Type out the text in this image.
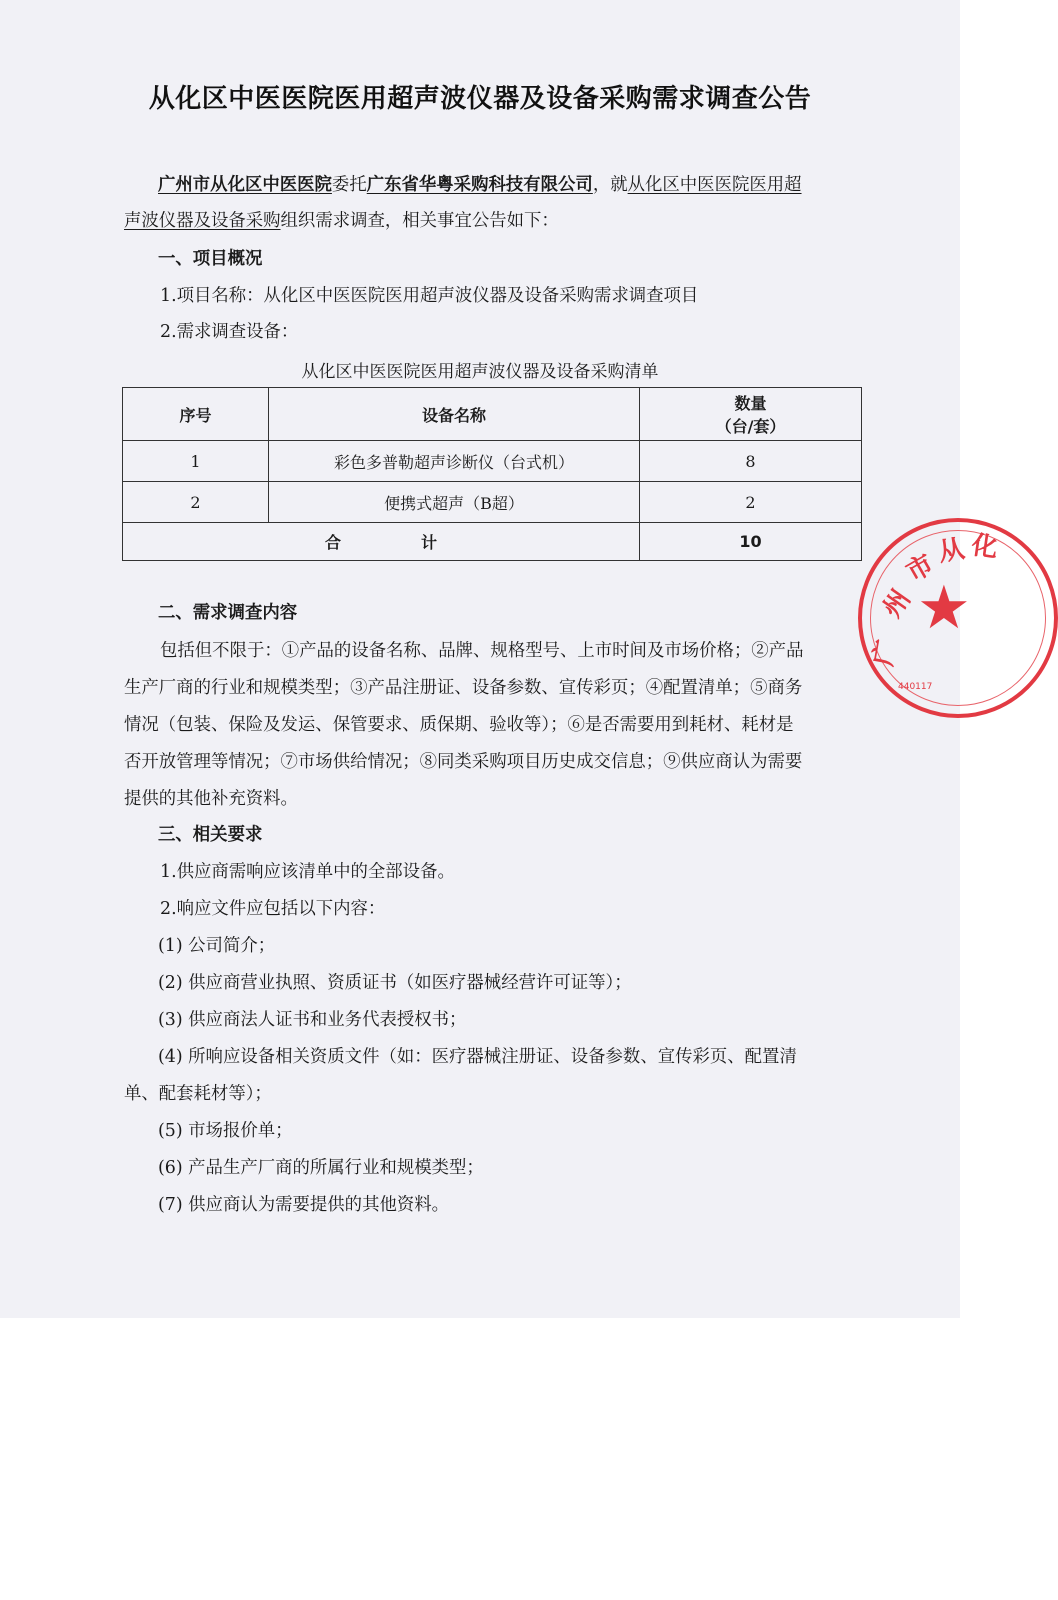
从化区中医医院医用超声波仪器及设备采购需求调查公告
广州市从化区中医医院委托广东省华粤采购科技有限公司，就从化区中医医院医用超
声波仪器及设备采购组织需求调查，相关事宜公告如下：
一、项目概况
1.项目名称：从化区中医医院医用超声波仪器及设备采购需求调查项目
2.需求调查设备：
从化区中医医院医用超声波仪器及设备采购清单
序号	设备名称	数量
（台/套）

1	彩色多普勒超声诊断仪（台式机）	8
2	便携式超声（B超）	2
合　　　　　计		10
二、需求调查内容
包括但不限于：①产品的设备名称、品牌、规格型号、上市时间及市场价格；②产品
生产厂商的行业和规模类型；③产品注册证、设备参数、宣传彩页；④配置清单；⑤商务
情况（包装、保险及发运、保管要求、质保期、验收等）；⑥是否需要用到耗材、耗材是
否开放管理等情况；⑦市场供给情况；⑧同类采购项目历史成交信息；⑨供应商认为需要
提供的其他补充资料。
三、相关要求
1.供应商需响应该清单中的全部设备。
2.响应文件应包括以下内容：
(1) 公司简介；
(2) 供应商营业执照、资质证书（如医疗器械经营许可证等）；
(3) 供应商法人证书和业务代表授权书；
(4) 所响应设备相关资质文件（如：医疗器械注册证、设备参数、宣传彩页、配置清
单、配套耗材等）；
(5) 市场报价单；
(6) 产品生产厂商的所属行业和规模类型；
(7) 供应商认为需要提供的其他资料。
★
广
州
市
从 化
440117
